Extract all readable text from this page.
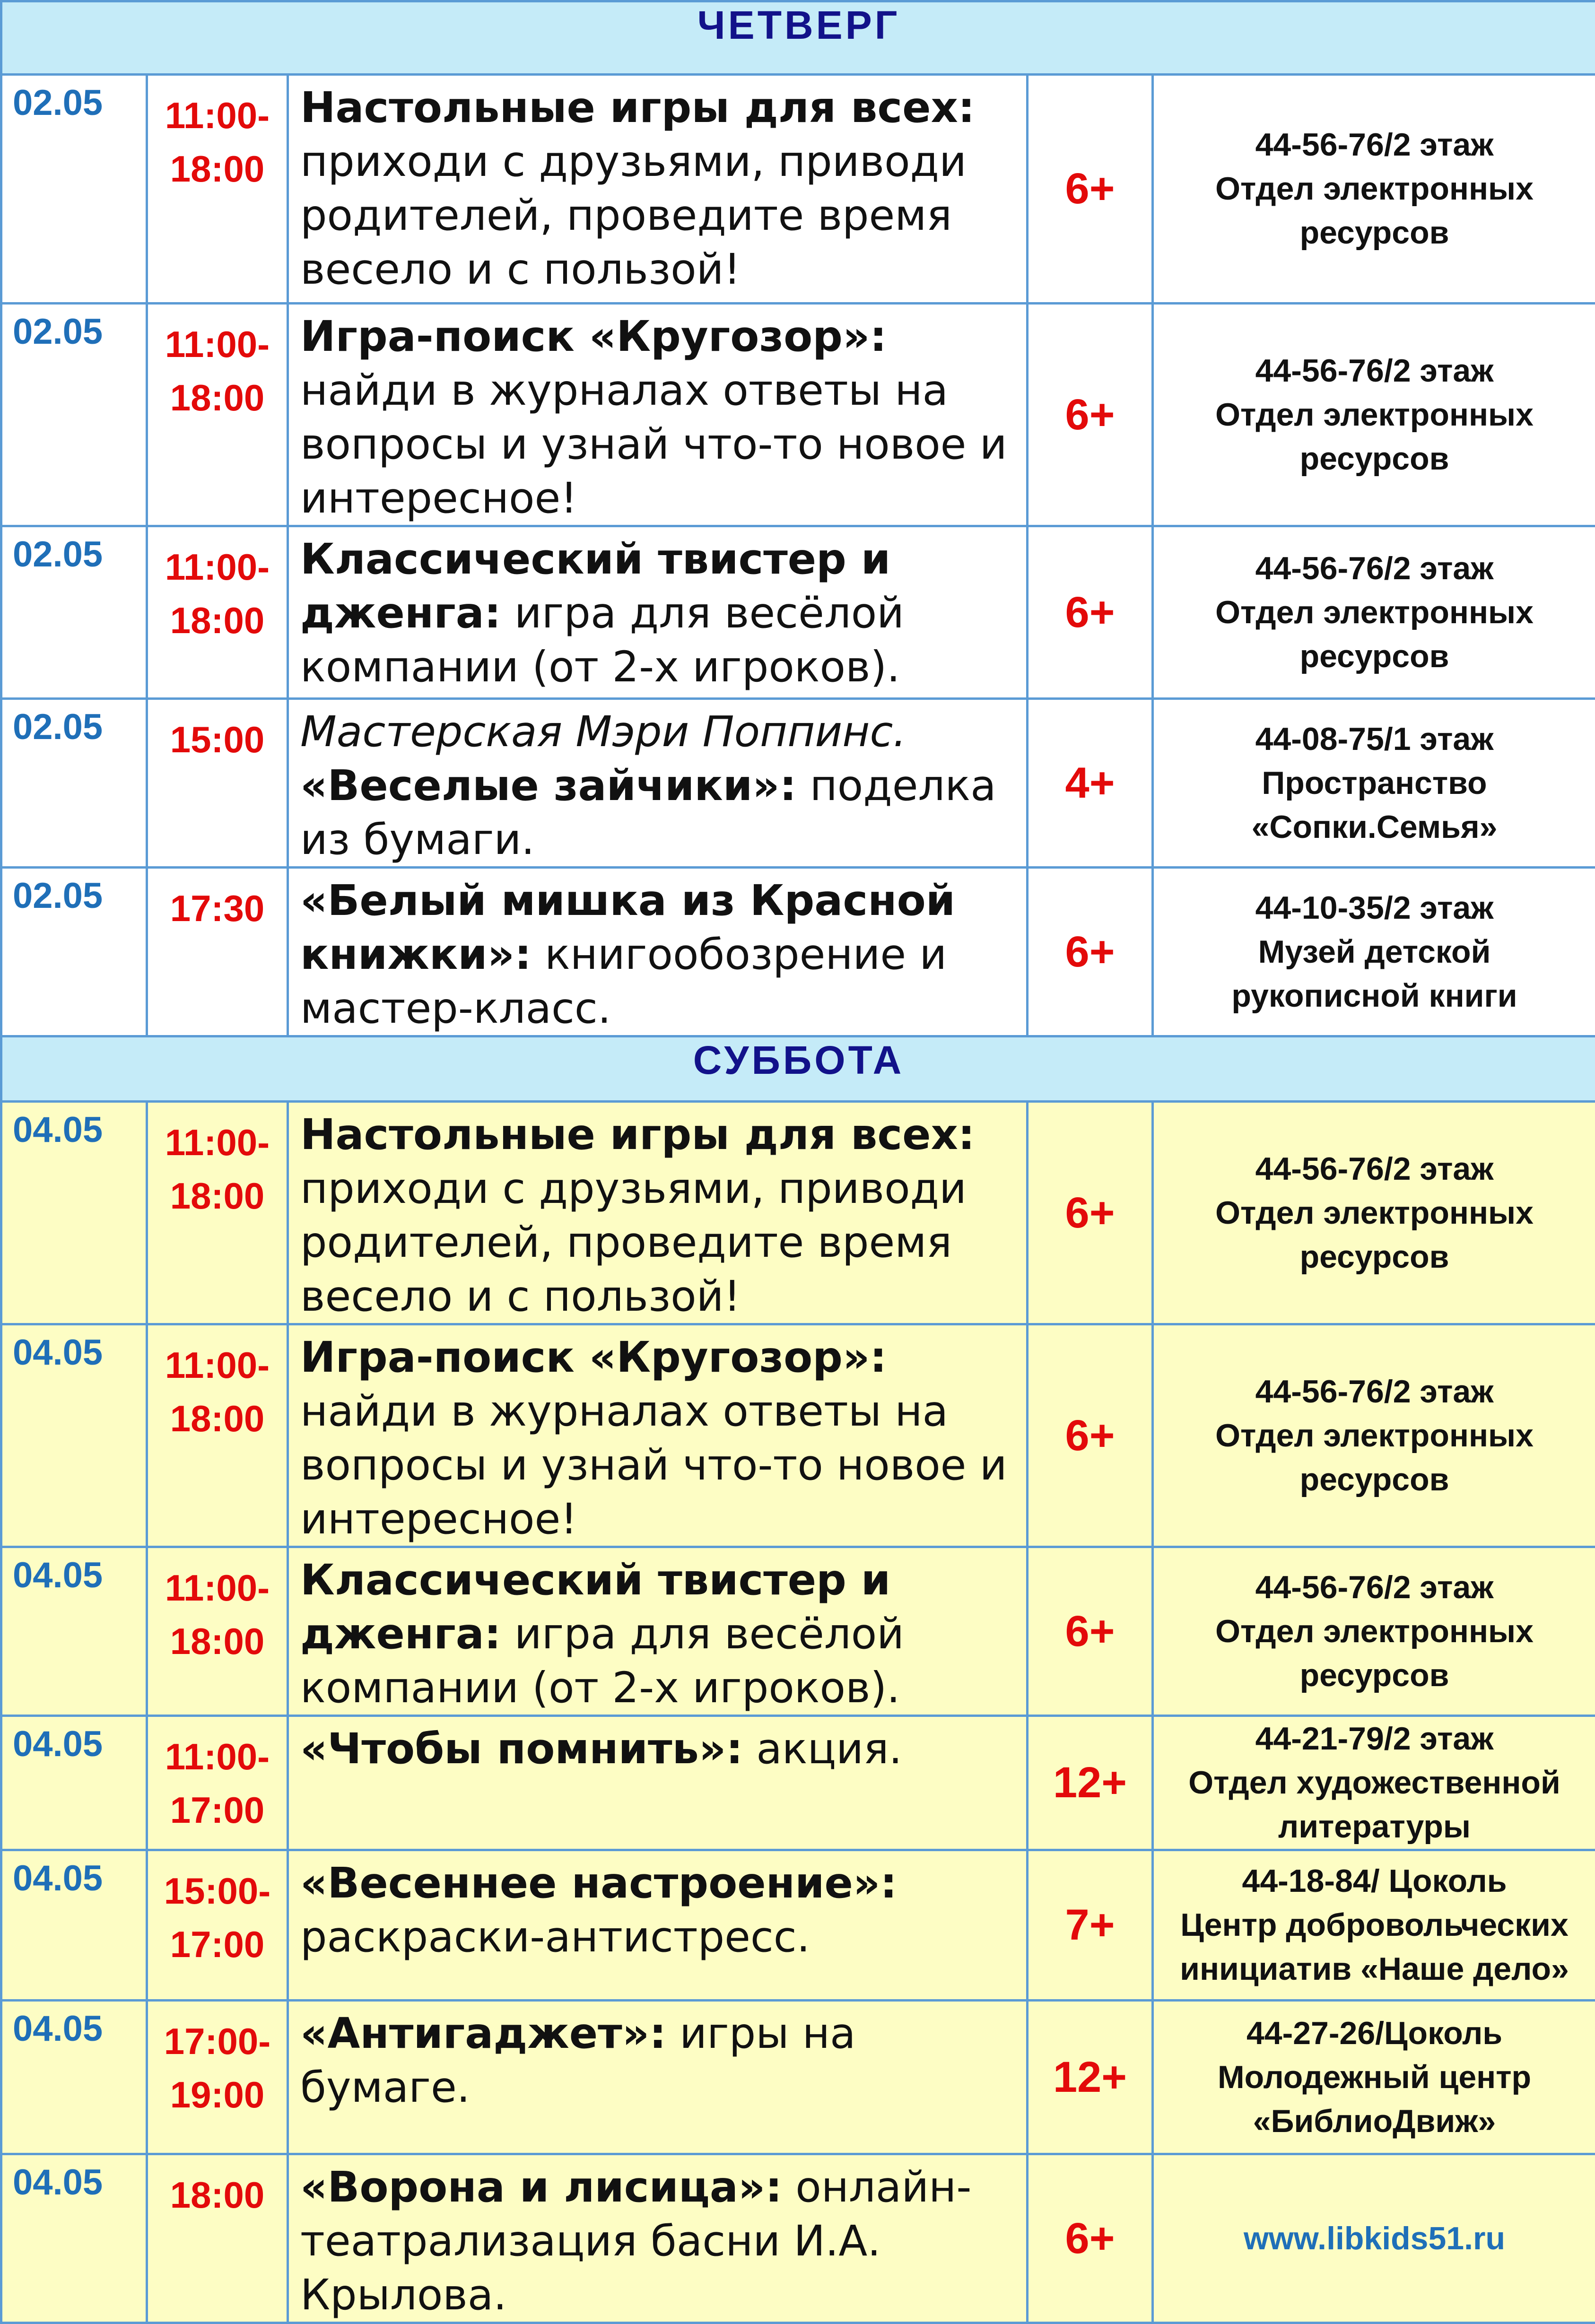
ЧЕТВЕРГ				
02.05	11:00-
18:00	Настольные игры для всех: приходи с друзьями, приводи родителей, проведите время весело и с пользой!	6+	44-56-76/2 этаж
Отдел электронных
ресурсов

02.05	11:00-
18:00	Игра-поиск «Кругозор»: найди в журналах ответы на вопросы и узнай что-то новое и интересное!	6+	44-56-76/2 этаж
Отдел электронных
ресурсов

02.05	11:00-
18:00	Классический твистер и дженга: игра для весёлой компании (от 2-х игроков).	6+	44-56-76/2 этаж
Отдел электронных
ресурсов

02.05	15:00	Мастерская Мэри Поппинс. «Веселые зайчики»: поделка из бумаги.	4+	44-08-75/1 этаж
Пространство
«Сопки.Семья»

02.05	17:30	«Белый мишка из Красной книжки»: книгообозрение и мастер-класс.	6+	44-10-35/2 этаж
Музей детской
рукописной книги

СУББОТА				
04.05	11:00-
18:00	Настольные игры для всех: приходи с друзьями, приводи родителей, проведите время весело и с пользой!	6+	44-56-76/2 этаж
Отдел электронных
ресурсов

04.05	11:00-
18:00	Игра-поиск «Кругозор»: найди в журналах ответы на вопросы и узнай что-то новое и интересное!	6+	44-56-76/2 этаж
Отдел электронных
ресурсов

04.05	11:00-
18:00	Классический твистер и дженга: игра для весёлой компании (от 2-х игроков).	6+	44-56-76/2 этаж
Отдел электронных
ресурсов

04.05	11:00-
17:00	«Чтобы помнить»: акция.	12+	44-21-79/2 этаж
Отдел художественной
литературы

04.05	15:00-
17:00	«Весеннее настроение»: раскраски-антистресс.	7+	44-18-84/ Цоколь
Центр добровольческих
инициатив «Наше дело»

04.05	17:00-
19:00	«Антигаджет»: игры на бумаге.	12+	44-27-26/Цоколь
Молодежный центр
«БиблиоДвиж»

04.05	18:00	«Ворона и лисица»: онлайн-театрализация басни И.А. Крылова.	6+	www.libkids51.ru
